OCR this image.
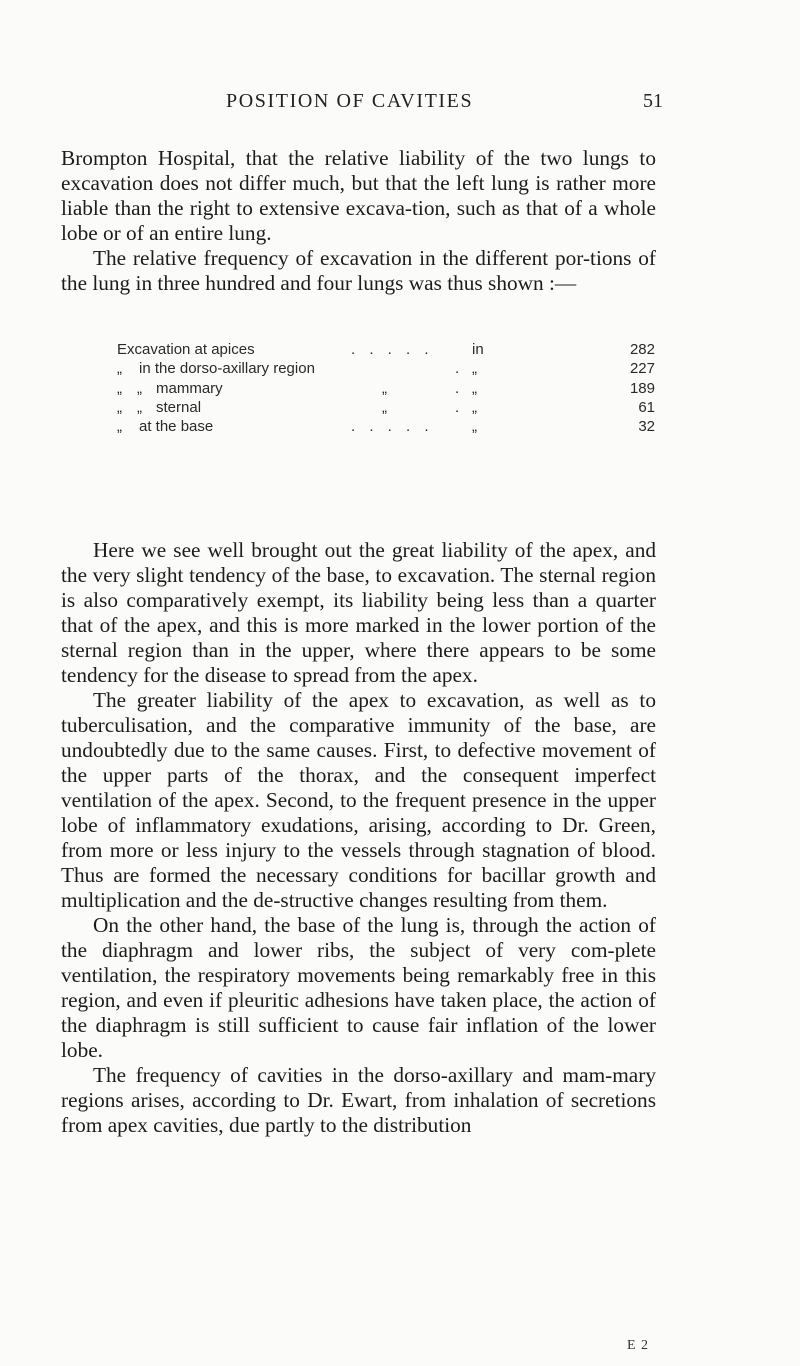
POSITION OF CAVITIES	51

Brompton Hospital, that the relative liability of the two lungs to excavation does not differ much, but that the left lung is rather more liable than the right to extensive excava-tion, such as that of a whole lobe or of an entire lung.

The relative frequency of excavation in the different por-tions of the lung in three hundred and four lungs was thus shown :—

Excavation at apices	. . . . .	in	282
„ in the dorso-axillary region	. „	227
„ „ mammary	„	. „	189
„ „ sternal	„	. „	61
„ at the base	. . . . .	„	32

Here we see well brought out the great liability of the apex, and the very slight tendency of the base, to excavation. The sternal region is also comparatively exempt, its liability being less than a quarter that of the apex, and this is more marked in the lower portion of the sternal region than in the upper, where there appears to be some tendency for the disease to spread from the apex.

The greater liability of the apex to excavation, as well as to tuberculisation, and the comparative immunity of the base, are undoubtedly due to the same causes. First, to defective movement of the upper parts of the thorax, and the consequent imperfect ventilation of the apex. Second, to the frequent presence in the upper lobe of inflammatory exudations, arising, according to Dr. Green, from more or less injury to the vessels through stagnation of blood. Thus are formed the necessary conditions for bacillar growth and multiplication and the de-structive changes resulting from them.

On the other hand, the base of the lung is, through the action of the diaphragm and lower ribs, the subject of very com-plete ventilation, the respiratory movements being remarkably free in this region, and even if pleuritic adhesions have taken place, the action of the diaphragm is still sufficient to cause fair inflation of the lower lobe.

The frequency of cavities in the dorso-axillary and mam-mary regions arises, according to Dr. Ewart, from inhalation of secretions from apex cavities, due partly to the distribution

E 2
